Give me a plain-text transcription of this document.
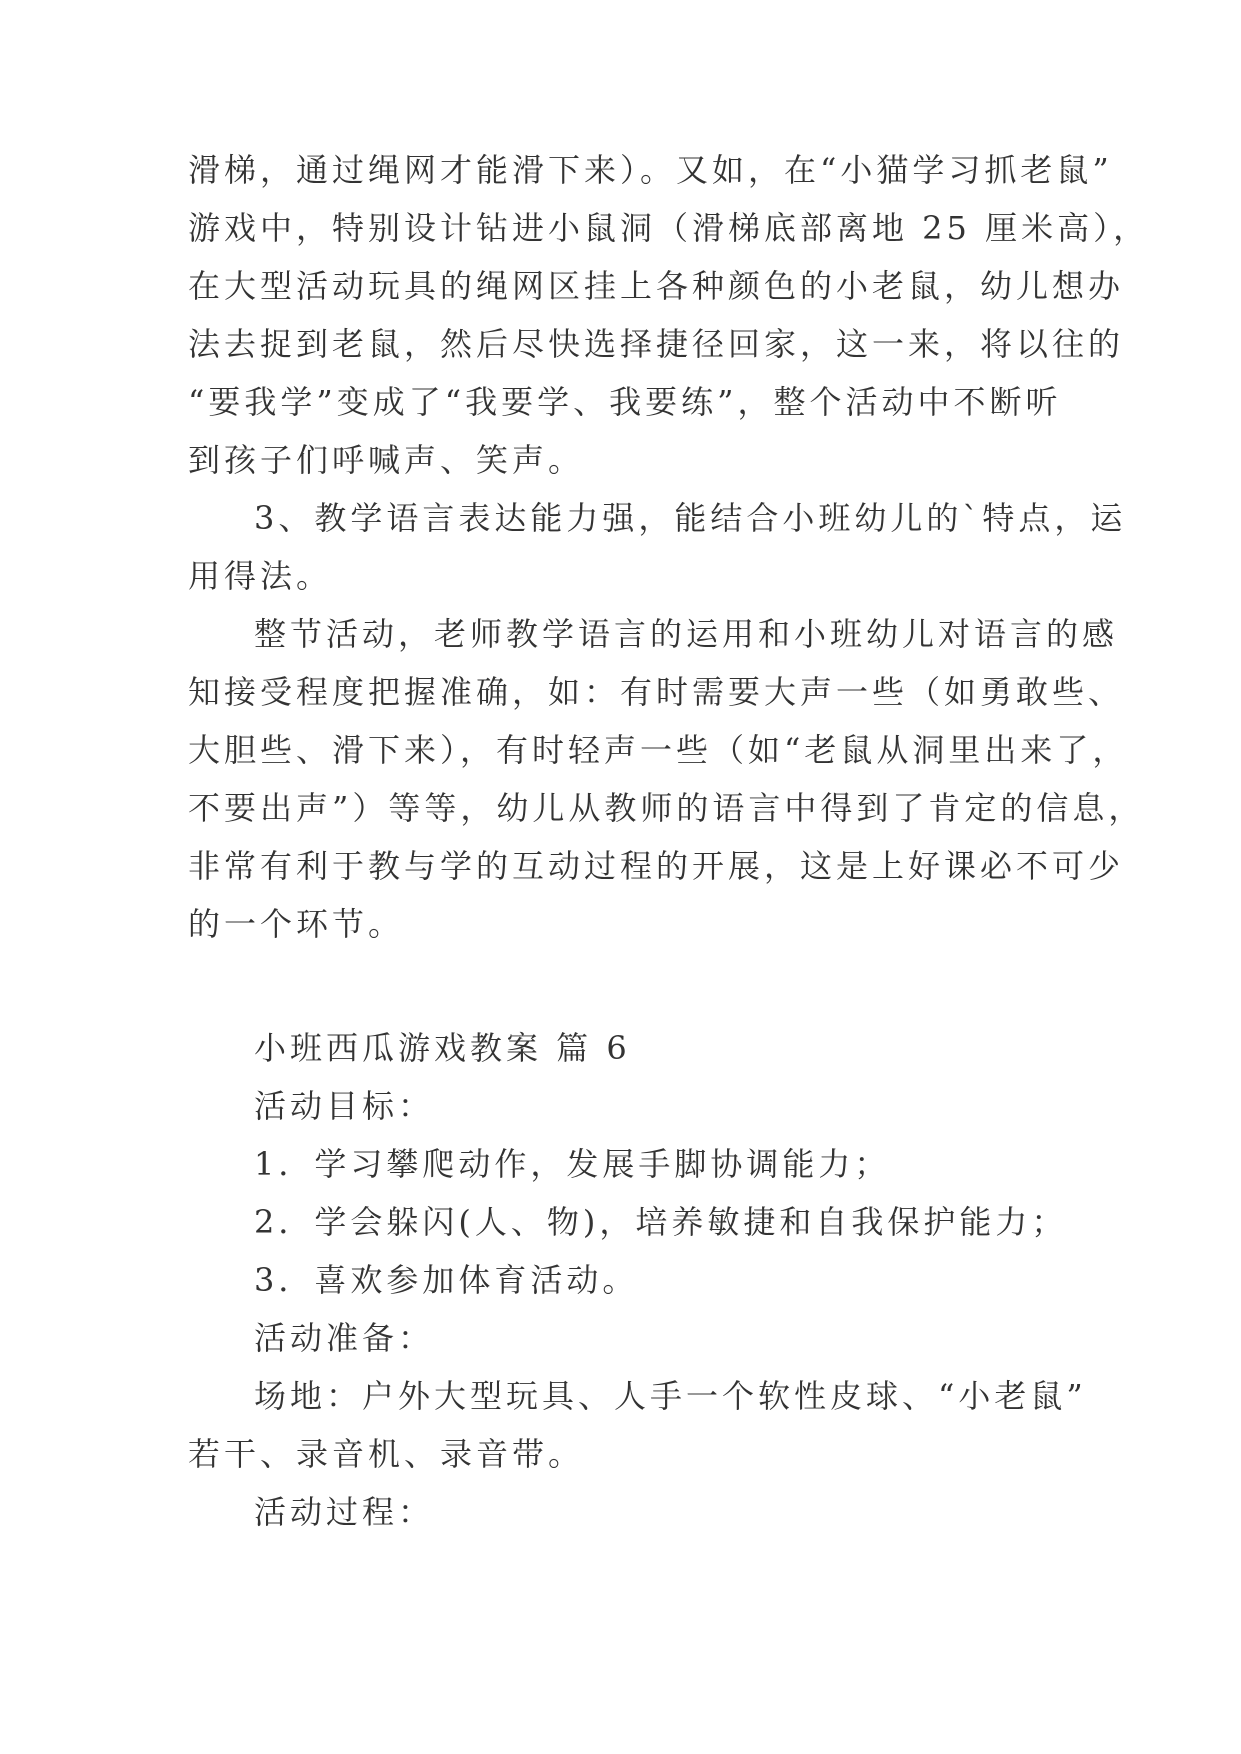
滑梯，通过绳网才能滑下来）。又如，在“小猫学习抓老鼠”
游戏中，特别设计钻进小鼠洞（滑梯底部离地 25 厘米高），
在大型活动玩具的绳网区挂上各种颜色的小老鼠，幼儿想办
法去捉到老鼠，然后尽快选择捷径回家，这一来，将以往的
“要我学”变成了“我要学、我要练”，整个活动中不断听
到孩子们呼喊声、笑声。
3、教学语言表达能力强，能结合小班幼儿的`特点，运
用得法。
整节活动，老师教学语言的运用和小班幼儿对语言的感
知接受程度把握准确，如：有时需要大声一些（如勇敢些、
大胆些、滑下来），有时轻声一些（如“老鼠从洞里出来了，
不要出声”）等等，幼儿从教师的语言中得到了肯定的信息，
非常有利于教与学的互动过程的开展，这是上好课必不可少
的一个环节。
小班西瓜游戏教案 篇 6
活动目标：
1．学习攀爬动作，发展手脚协调能力；
2．学会躲闪(人、物)，培养敏捷和自我保护能力；
3．喜欢参加体育活动。
活动准备：
场地：户外大型玩具、人手一个软性皮球、“小老鼠”
若干、录音机、录音带。
活动过程：
